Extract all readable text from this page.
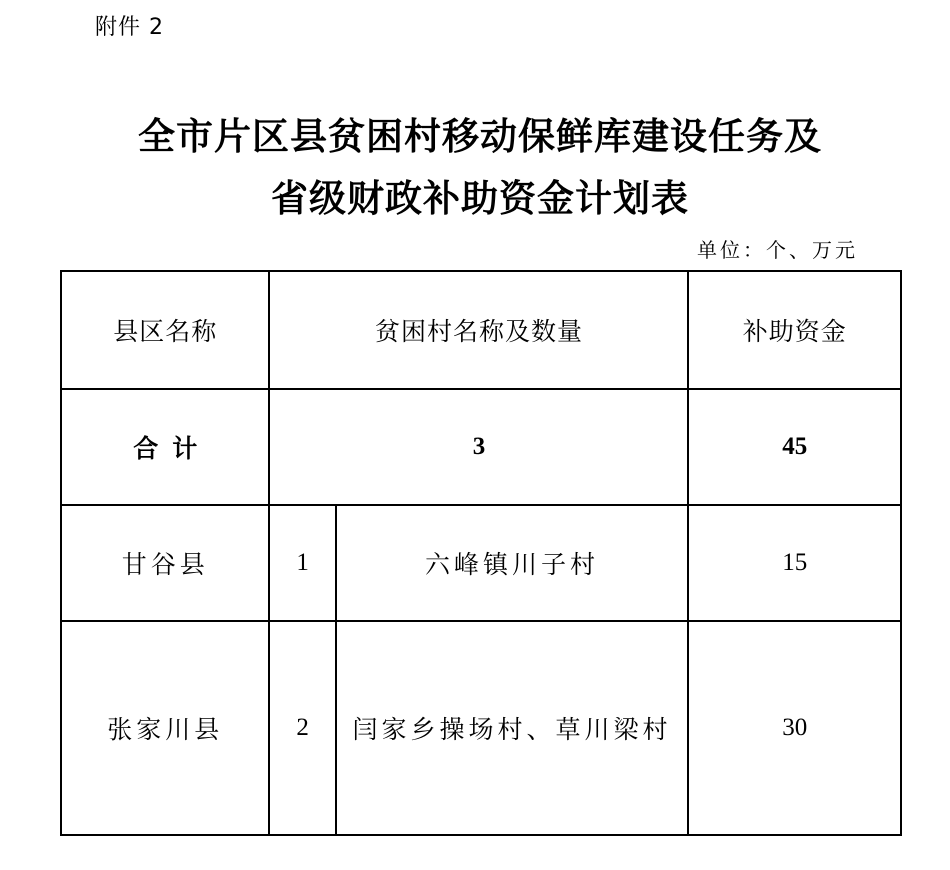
附件 2
全市片区县贫困村移动保鲜库建设任务及
省级财政补助资金计划表
单位：个、万元
县区名称	贫困村名称及数量		补助资金
合计	3		45
甘谷县	1	六峰镇川子村	15
张家川县	2	闫家乡操场村、草川梁村	30
